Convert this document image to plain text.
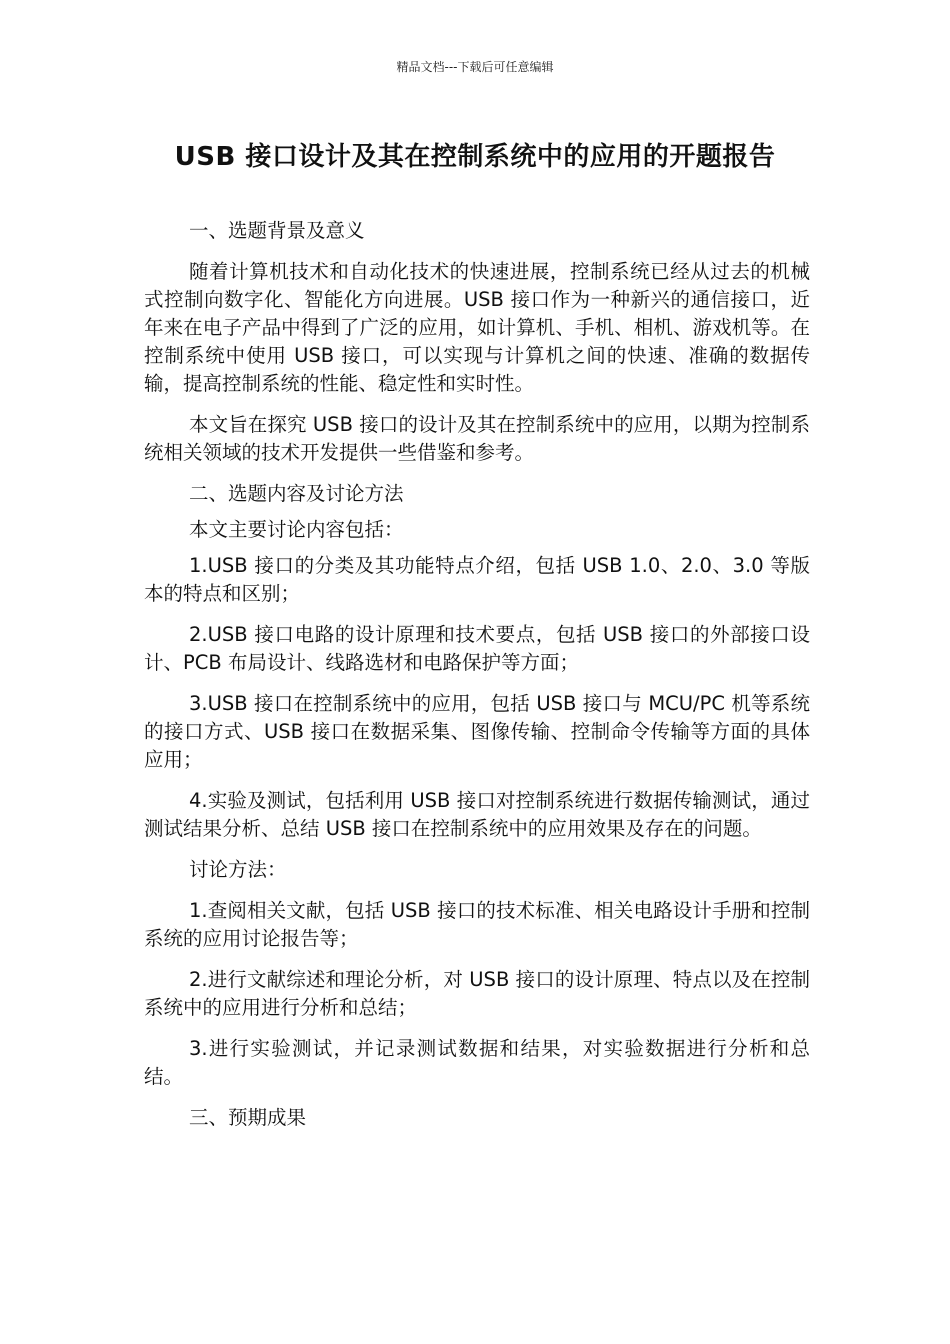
精品文档---下载后可任意编辑
USB 接口设计及其在控制系统中的应用的开题报告

一、选题背景及意义

随着计算机技术和自动化技术的快速进展，控制系统已经从过去的机械式控制向数字化、智能化方向进展。USB 接口作为一种新兴的通信接口，近年来在电子产品中得到了广泛的应用，如计算机、手机、相机、游戏机等。在控制系统中使用 USB 接口，可以实现与计算机之间的快速、准确的数据传输，提高控制系统的性能、稳定性和实时性。

本文旨在探究 USB 接口的设计及其在控制系统中的应用，以期为控制系统相关领域的技术开发提供一些借鉴和参考。

二、选题内容及讨论方法

本文主要讨论内容包括：

1.USB 接口的分类及其功能特点介绍，包括 USB 1.0、2.0、3.0 等版本的特点和区别；

2.USB 接口电路的设计原理和技术要点，包括 USB 接口的外部接口设计、PCB 布局设计、线路选材和电路保护等方面；

3.USB 接口在控制系统中的应用，包括 USB 接口与 MCU/PC 机等系统的接口方式、USB 接口在数据采集、图像传输、控制命令传输等方面的具体应用；

4.实验及测试，包括利用 USB 接口对控制系统进行数据传输测试，通过测试结果分析、总结 USB 接口在控制系统中的应用效果及存在的问题。

讨论方法：

1.查阅相关文献，包括 USB 接口的技术标准、相关电路设计手册和控制系统的应用讨论报告等；

2.进行文献综述和理论分析，对 USB 接口的设计原理、特点以及在控制系统中的应用进行分析和总结；

3.进行实验测试，并记录测试数据和结果，对实验数据进行分析和总结。

三、预期成果
